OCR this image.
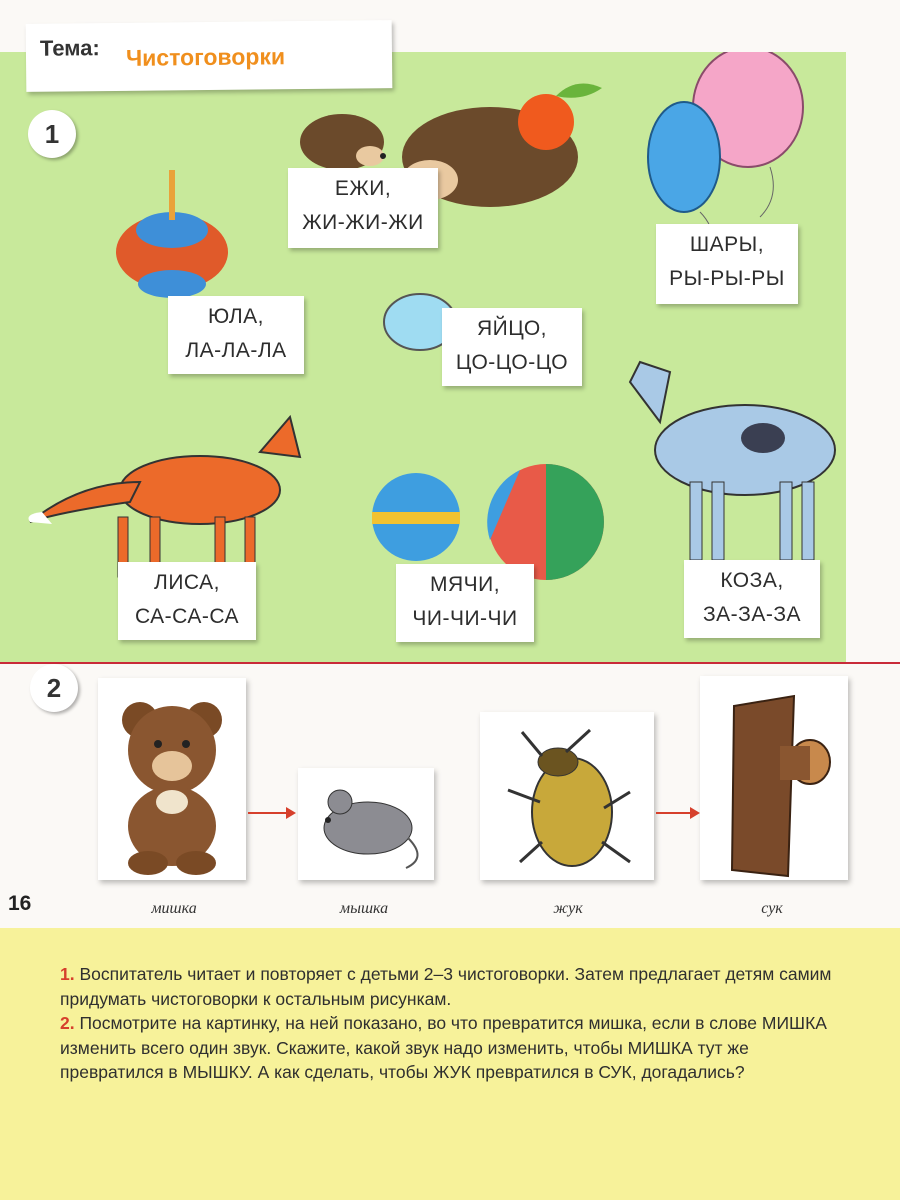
Тема: Чистоговорки
1
ЕЖИ,
ЖИ-ЖИ-ЖИ
ШАРЫ,
РЫ-РЫ-РЫ
ЮЛА,
ЛА-ЛА-ЛА
ЯЙЦО,
ЦО-ЦО-ЦО
ЛИСА,
СА-СА-СА
МЯЧИ,
ЧИ-ЧИ-ЧИ
КОЗА,
ЗА-ЗА-ЗА
2
мишка	мышка	жук	сук
16

1. Воспитатель читает и повторяет с детьми 2–3 чистоговорки. Затем предлагает детям самим придумать чистоговорки к остальным рисункам.

2. Посмотрите на картинку, на ней показано, во что превратится мишка, если в слове МИШКА изменить всего один звук. Скажите, какой звук надо изменить, чтобы МИШКА тут же превратился в МЫШКУ. А как сделать, чтобы ЖУК превратился в СУК, догадались?
